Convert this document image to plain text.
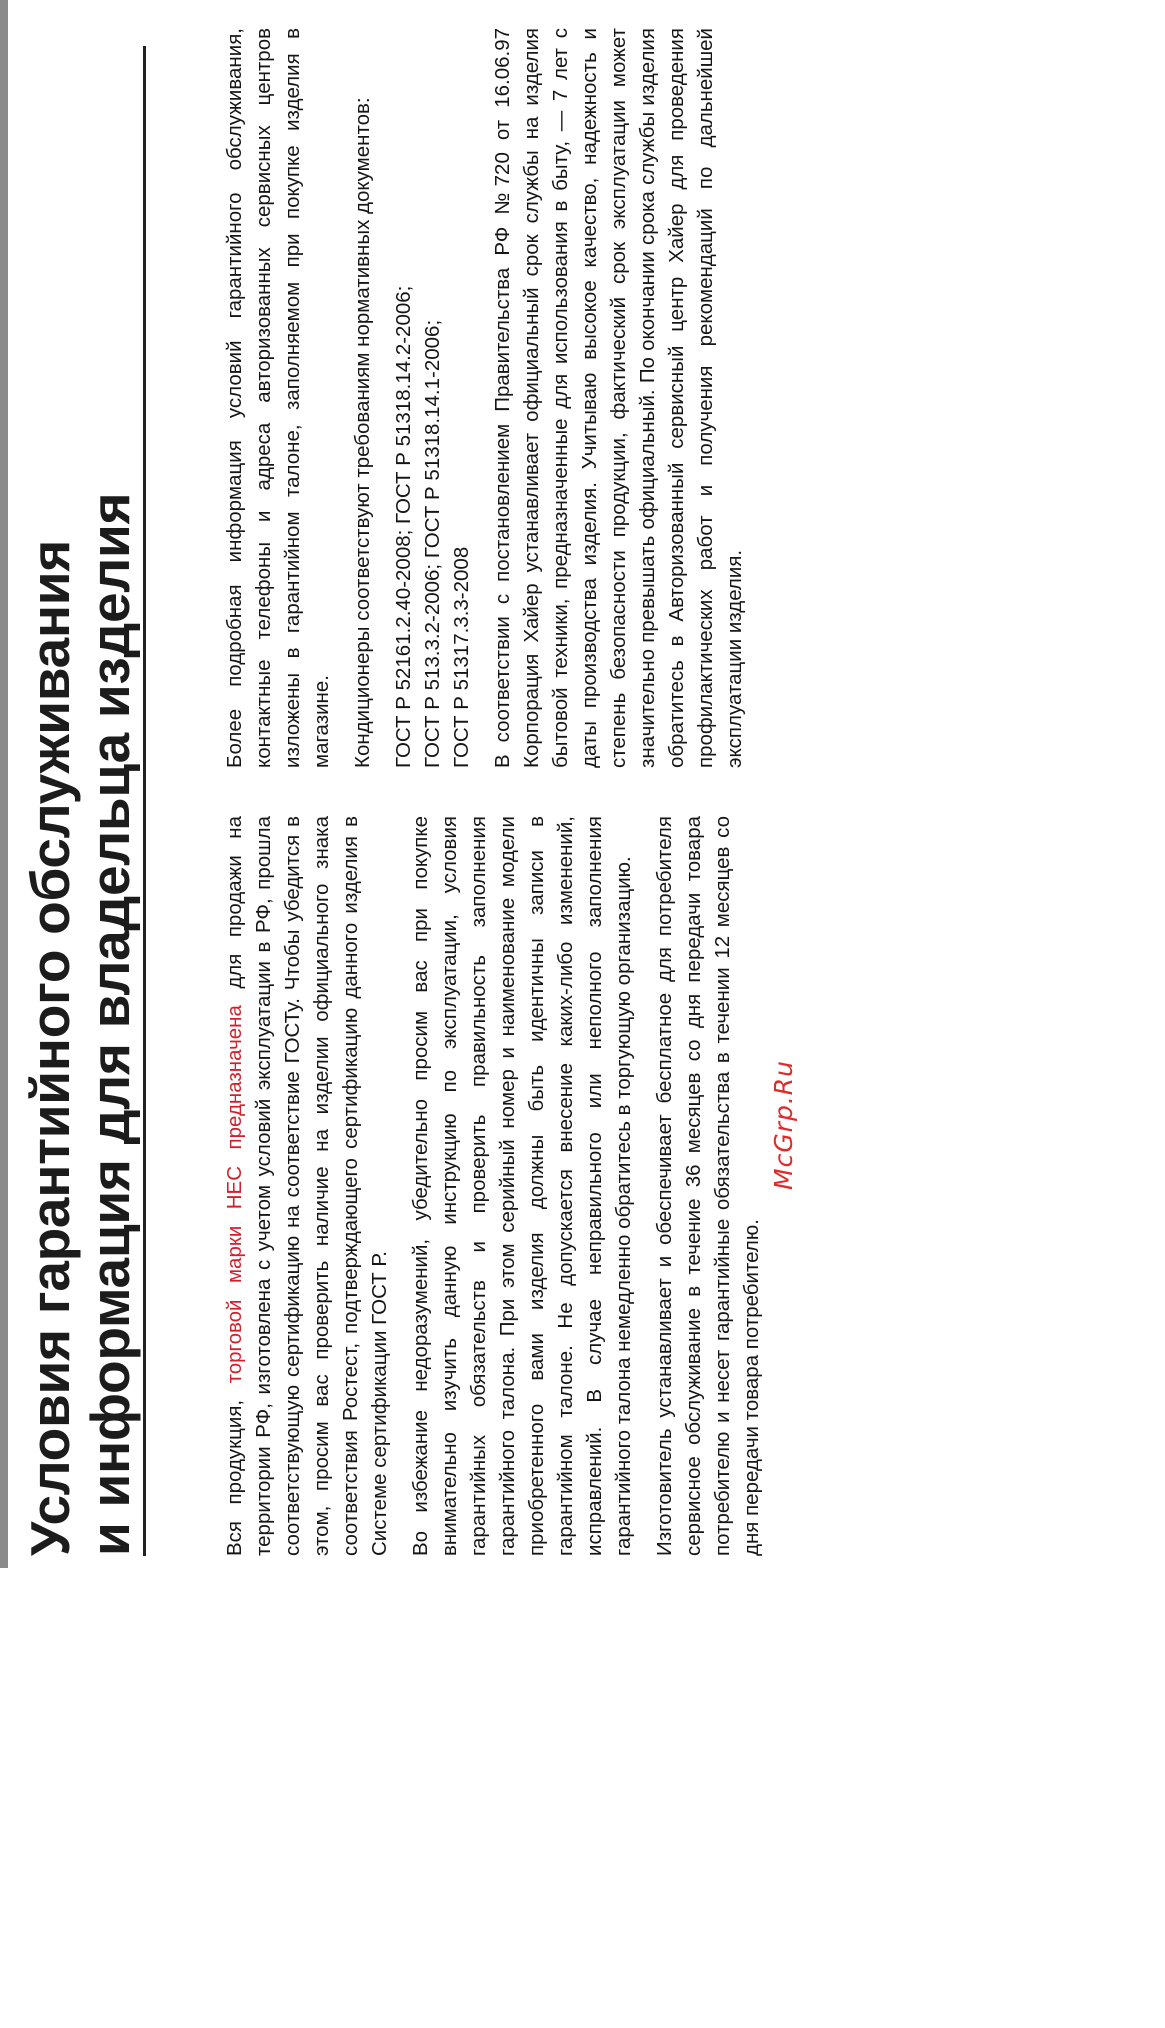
Условия гарантийного обслуживания
и информация для владельца изделия	Вся продукция, торговой марки HEC предназначена для продажи на территории РФ, изготовлена с учетом условий эксплуатации в РФ, прошла соответствующую сертификацию на соответствие ГОСТу. Чтобы убедится в этом, просим вас проверить наличие на изделии официального знака соответствия Ростест, подтверждающего сертификацию данного изделия в Системе сертификации ГОСТ Р. Во избежание недоразумений, убедительно просим вас при покупке внимательно изучить данную инструкцию по эксплуатации, условия гарантийных обязательств и проверить правильность заполнения гарантийного талона. При этом серийный номер и наименование модели приобретенного вами изделия должны быть идентичны записи в гарантийном талоне. Не допускается внесение каких-либо изменений, исправлений. В случае неправильного или неполного заполнения гарантийного талона немедленно обратитесь в торгующую организацию. Изготовитель устанавливает и обеспечивает бесплатное для потребителя сервисное обслуживание в течение 36 месяцев со дня передачи товара потребителю и несет гарантийные обязательства в течении 12 месяцев со дня передачи товара потребителю.

McGrp.Ru

Более подробная информация условий гарантийного обслуживания, контактные телефоны и адреса авторизованных сервисных центров изложены в гарантийном талоне, заполняемом при покупке изделия в магазине. Кондиционеры соответствуют требованиям нормативных документов: ГОСТ Р 52161.2.40-2008; ГОСТ Р 51318.14.2-2006; ГОСТ Р 513.3.2-2006; ГОСТ Р 51318.14.1-2006; ГОСТ Р 51317.3.3-2008 В соответствии с постановлением Правительства РФ №720 от 16.06.97 Корпорация Хайер устанавливает официальный срок службы на изделия бытовой техники, предназначенные для использования в быту, — 7 лет с даты производства изделия. Учитываю высокое качество, надежность и степень безопасности продукции, фактический срок эксплуатации может значительно превышать официальный. По окончании срока службы изделия обратитесь в Авторизованный сервисный центр Хайер для проведения профилактических работ и получения рекомендаций по дальнейшей эксплуатации изделия.
